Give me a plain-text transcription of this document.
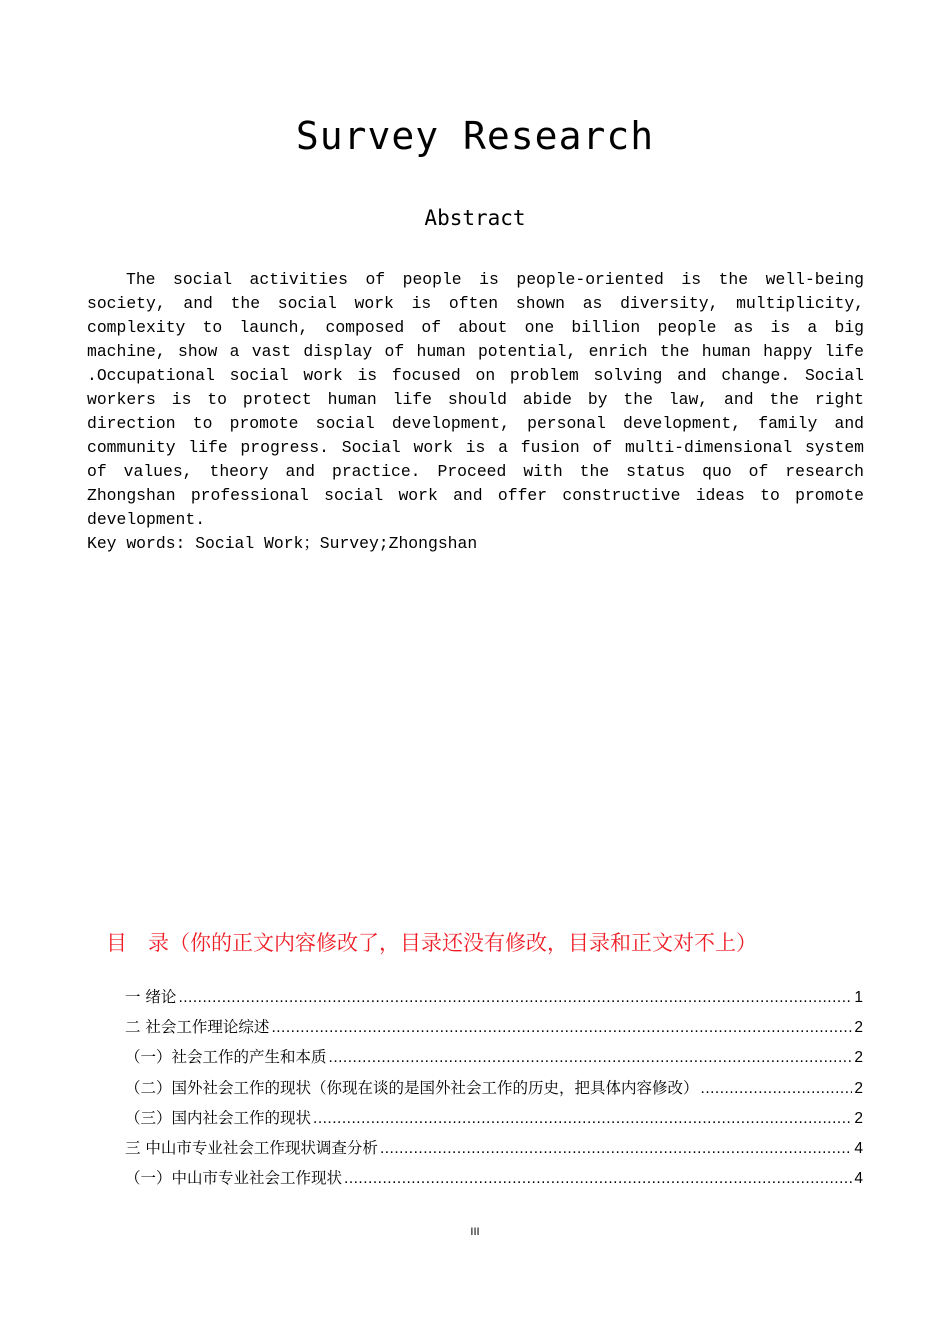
Survey Research
Abstract

The social activities of people is people-oriented is the well-being society, and the social work is often shown as diversity, multiplicity, complexity to launch, composed of about one billion people as is a big machine, show a vast display of human potential, enrich the human happy life .Occupational social work is focused on problem solving and change. Social workers is to protect human life should abide by the law, and the right direction to promote social development, personal development, family and community life progress. Social work is a fusion of multi-dimensional system of values, theory and practice. Proceed with the status quo of research Zhongshan professional social work and offer constructive ideas to promote development.

Key words: Social Work；Survey;Zhongshan
目　录（你的正文内容修改了，目录还没有修改，目录和正文对不上）
一 绪论 .....	1
二 社会工作理论综述 .....	2
（一）社会工作的产生和本质 .....	2
（二）国外社会工作的现状（你现在谈的是国外社会工作的历史，把具体内容修改） .....	2
（三）国内社会工作的现状 .....	2
三 中山市专业社会工作现状调查分析 .....	4
（一）中山市专业社会工作现状 .....	4
III
